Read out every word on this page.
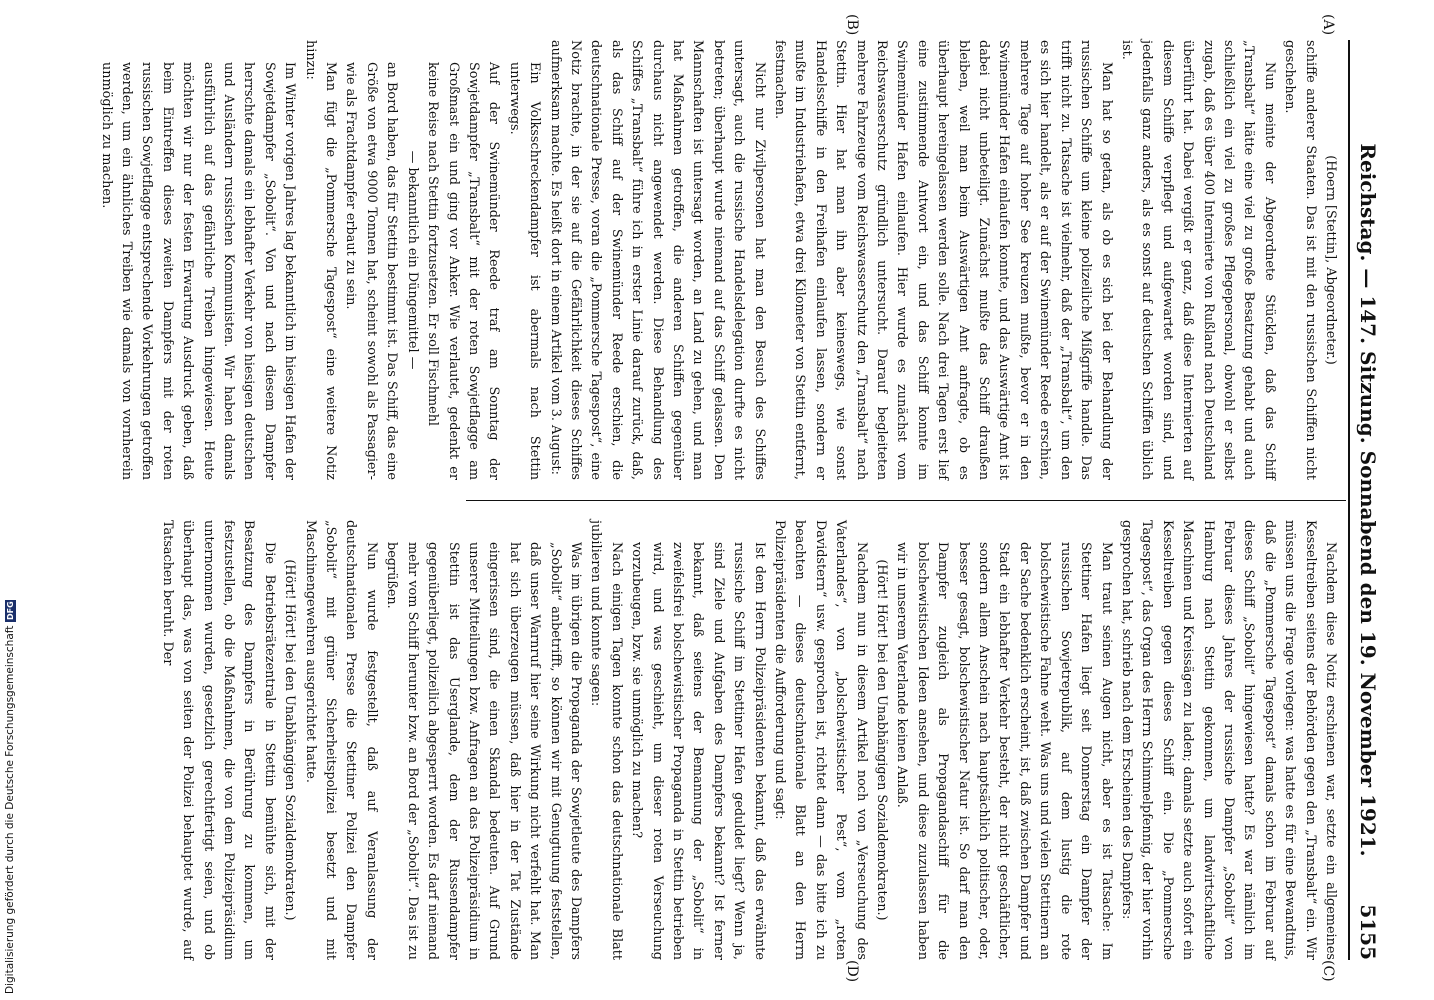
Digitalisierung gefördert durch die Deutsche ForschungsgemeinschaftDFG	Reichstag. — 147. Sitzung. Sonnabend den 19. November 1921.
5155
(A)
(B)
(C)
(D)

(Hoern [Stettin], Abgeordneter.)

schiffe anderer Staaten. Das ist mit den russischen Schiffen nicht geschehen.

Nun meinte der Abgeordnete Stücklen, daß das Schiff „Transbalt“ hätte eine viel zu große Besatzung gehabt und auch schließlich ein viel zu großes Pflegepersonal, obwohl er selbst zugab, daß es über 400 Internierte von Rußland nach Deutschland überführt hat. Dabei vergißt er ganz, daß diese Internierten auf diesem Schiffe verpflegt und aufgewartet worden sind, und jedenfalls ganz anders, als es sonst auf deutschen Schiffen üblich ist.

Man hat so getan, als ob es sich bei der Behandlung der russischen Schiffe um kleine polizeiliche Mißgriffe handle. Das trifft nicht zu. Tatsache ist vielmehr, daß der „Transbalt“, um den es sich hier handelt, als er auf der Swinemünder Reede erschien, mehrere Tage auf hoher See kreuzen mußte, bevor er in den Swinemünder Hafen einlaufen konnte, und das Auswärtige Amt ist dabei nicht unbeteiligt. Zunächst mußte das Schiff draußen bleiben, weil man beim Auswärtigen Amt anfragte, ob es überhaupt hereingelassen werden solle. Nach drei Tagen erst lief eine zustimmende Antwort ein, und das Schiff konnte im Swinemünder Hafen einlaufen. Hier wurde es zunächst vom Reichswasserschutz gründlich untersucht. Darauf begleiteten mehrere Fahrzeuge vom Reichswasserschutz den „Transbalt“ nach Stettin. Hier hat man ihn aber keineswegs, wie sonst Handelsschiffe in den Freihafen einlaufen lassen, sondern er mußte im Industriehafen, etwa drei Kilometer von Stettin entfernt, festmachen.

Nicht nur Zivilpersonen hat man den Besuch des Schiffes untersagt, auch die russische Handelsdelegation durfte es nicht betreten; überhaupt wurde niemand auf das Schiff gelassen. Den Mannschaften ist untersagt worden, an Land zu gehen, und man hat Maßnahmen getroffen, die anderen Schiffen gegenüber durchaus nicht angewendet werden. Diese Behandlung des Schiffes „Transbalt“ führe ich in erster Linie darauf zurück, daß, als das Schiff auf der Swinemünder Reede erschien, die deutschnationale Presse, voran die „Pommersche Tagespost“, eine Notiz brachte, in der sie auf die Gefährlichkeit dieses Schiffes aufmerksam machte. Es heißt dort in einem Artikel vom 3. August:

Ein Volksschreckendampfer ist abermals nach Stettin unterwegs.

Auf der Swinemünder Reede traf am Sonntag der Sowjetdampfer „Transbalt“ mit der roten Sowjetflagge am Großmast ein und ging vor Anker. Wie verlautet, gedenkt er keine Reise nach Stettin fortzusetzen. Er soll Fischmehl

— bekanntlich ein Düngemittel —

an Bord haben, das für Stettin bestimmt ist. Das Schiff, das eine Größe von etwa 9000 Tonnen hat, scheint sowohl als Passagier- wie als Frachtdampfer erbaut zu sein.

Man fügt die „Pommersche Tagespost“ eine weitere Notiz hinzu:

Im Winter vorigen Jahres lag bekanntlich im hiesigen Hafen der Sowjetdampfer „Sobolit“. Von und nach diesem Dampfer herrschte damals ein lebhafter Verkehr von hiesigen deutschen und Ausländern russischen Kommunisten. Wir haben damals ausführlich auf das gefährliche Treiben hingewiesen. Heute möchten wir nur der festen Erwartung Ausdruck geben, daß beim Eintreffen dieses zweiten Dampfers mit der roten russischen Sowjetflagge entsprechende Vorkehrungen getroffen werden, um ein ähnliches Treiben wie damals von vornherein unmöglich zu machen.

Nachdem diese Notiz erschienen war, setzte ein allgemeines Kesseltreiben seitens der Behörden gegen den „Transbalt“ ein. Wir müssen uns die Frage vorlegen: was hatte es für eine Bewandtnis, daß die „Pommersche Tagespost“ damals schon im Februar auf dieses Schiff „Sobolit“ hingewiesen hatte? Es war nämlich im Februar dieses Jahres der russische Dampfer „Sobolit“ von Hamburg nach Stettin gekommen, um landwirtschaftliche Maschinen und Kreissägen zu laden; damals setzte auch sofort ein Kesseltreiben gegen dieses Schiff ein. Die „Pommersche Tagespost“, das Organ des Herrn Schimmelpfennig, der hier vorhin gesprochen hat, schrieb nach dem Erscheinen des Dampfers:

Man traut seinen Augen nicht, aber es ist Tatsache: Im Stettiner Hafen liegt seit Donnerstag ein Dampfer der russischen Sowjetrepublik, auf dem lustig die rote bolschewistische Fahne weht. Was uns und vielen Stettinern an der Sache bedenklich erscheint, ist, daß zwischen Dampfer und Stadt ein lebhafter Verkehr besteht, der nicht geschäftlicher, sondern allem Anschein nach hauptsächlich politischer, oder, besser gesagt, bolschewistischer Natur ist. So darf man den Dampfer zugleich als Propagandaschiff für die bolschewistischen Ideen ansehen, und diese zuzulassen haben wir in unserem Vaterlande keinen Anlaß.

(Hört! Hört! bei den Unabhängigen Sozialdemokraten.)

Nachdem nun in diesem Artikel noch von „Verseuchung des Vaterlandes“, von „bolschewistischer Pest“, vom „roten Davidstern“ usw. gesprochen ist, richtet dann — das bitte ich zu beachten — dieses deutschnationale Blatt an den Herrn Polizeipräsidenten die Aufforderung und sagt:

Ist dem Herrn Polizeipräsidenten bekannt, daß das erwähnte russische Schiff im Stettiner Hafen geduldet liegt? Wenn ja, sind Ziele und Aufgaben des Dampfers bekannt? Ist ferner bekannt, daß seitens der Bemannung der „Sobolit“ in zweifelsfrei bolschewistischer Propaganda in Stettin betrieben wird, und was geschieht, um dieser roten Verseuchung vorzubeugen, bzw. sie unmöglich zu machen?

Nach einigen Tagen konnte schon das deutschnationale Blatt jubilieren und konnte sagen:

Was im übrigen die Propaganda der Sowjetleute des Dampfers „Sobolit“ anbetrifft, so können wir mit Genugtuung feststellen, daß unser Warnruf hier seine Wirkung nicht verfehlt hat. Man hat sich überzeugen müssen, daß hier in der Tat Zustände eingerissen sind, die einen Skandal bedeuten. Auf Grund unserer Mitteilungen bzw. Anfragen an das Polizeipräsidium in Stettin ist das Userglande, dem der Russendampfer gegenüberliegt, polizeilich abgesperrt worden. Es darf niemand mehr vom Schiff herunter bzw. an Bord der „Sobolit“. Das ist zu begrüßen.

Nun wurde festgestellt, daß auf Veranlassung der deutschnationalen Presse die Stettiner Polizei den Dampfer „Sobolit“ mit grüner Sicherheitspolizei besetzt und mit Maschinengewehren ausgerichtet hatte.

(Hört! Hört! bei den Unabhängigen Sozialdemokraten.)

Die Betriebsrätezentrale in Stettin bemühte sich, mit der Besatzung des Dampfers in Berührung zu kommen, um festzustellen, ob die Maßnahmen, die von dem Polizeipräsidium unternommen wurden, gesetzlich gerechtfertigt seien, und ob überhaupt das, was von seiten der Polizei behauptet wurde, auf Tatsachen beruht. Der
